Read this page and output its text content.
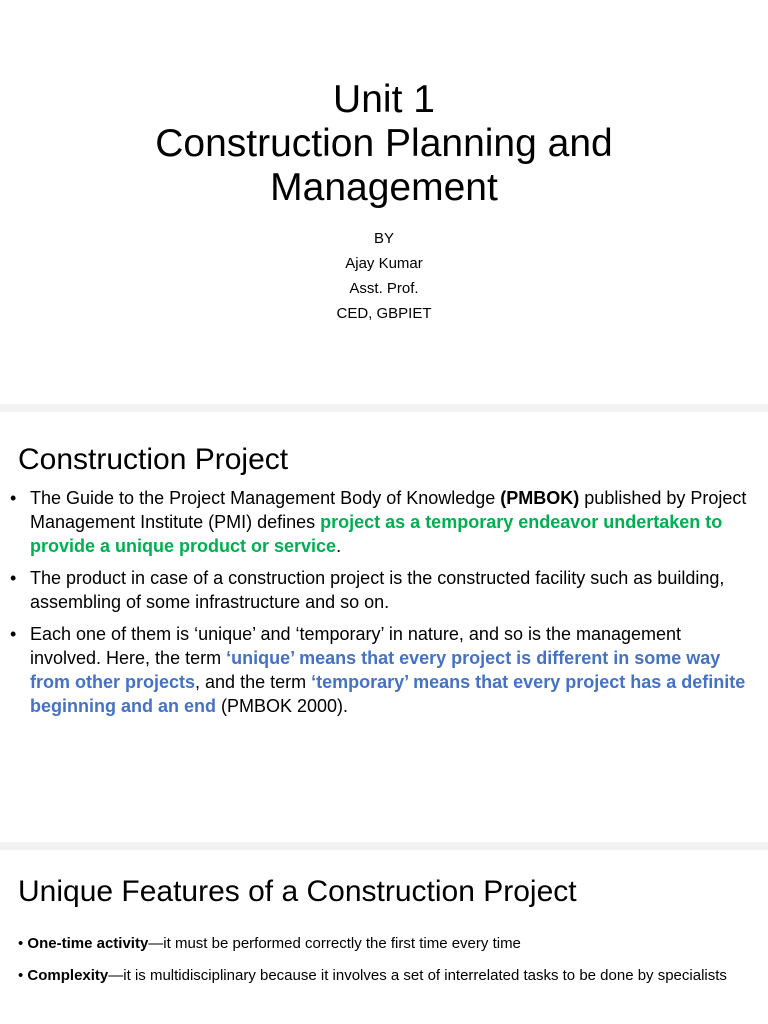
Unit 1
Construction Planning and
Management
BY
Ajay Kumar
Asst. Prof.
CED, GBPIET
Construction Project
• The Guide to the Project Management Body of Knowledge (PMBOK) published by Project Management Institute (PMI) defines project as a temporary endeavor undertaken to provide a unique product or service.
• The product in case of a construction project is the constructed facility such as building, assembling of some infrastructure and so on.
• Each one of them is ‘unique’ and ‘temporary’ in nature, and so is the management involved. Here, the term ‘unique’ means that every project is different in some way from other projects, and the term ‘temporary’ means that every project has a definite beginning and an end (PMBOK 2000).
Unique Features of a Construction Project

• One-time activity—it must be performed correctly the first time every time

• Complexity—it is multidisciplinary because it involves a set of interrelated tasks to be done by specialists
